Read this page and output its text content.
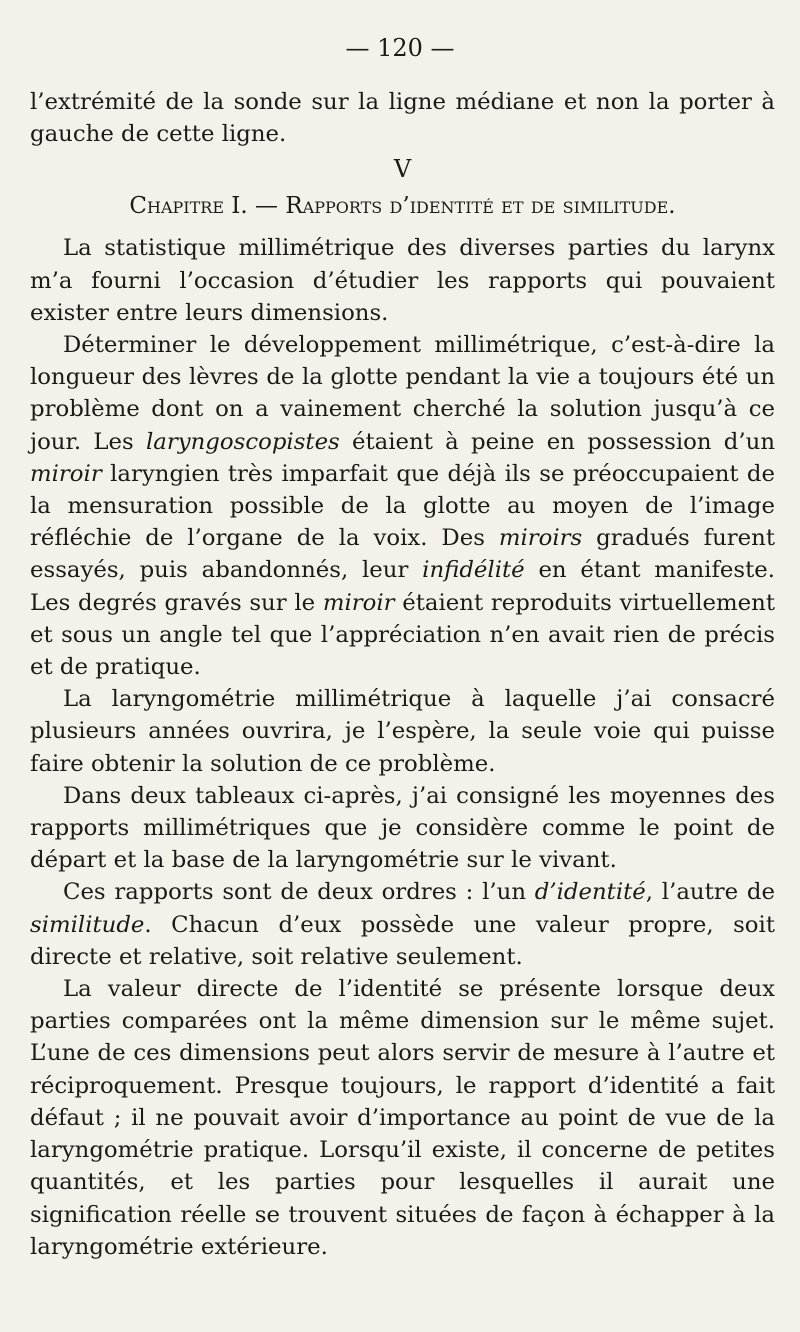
— 120 —

l’extrémité de la sonde sur la ligne médiane et non la porter à gauche de cette ligne.

V
Chapitre I. — Rapports d’identité et de similitude.

La statistique millimétrique des diverses parties du larynx m’a fourni l’occasion d’étudier les rapports qui pouvaient exister entre leurs dimensions.

Déterminer le développement millimétrique, c’est-à-dire la longueur des lèvres de la glotte pendant la vie a toujours été un problème dont on a vainement cherché la solution jusqu’à ce jour. Les laryngoscopistes étaient à peine en possession d’un miroir laryngien très imparfait que déjà ils se préoccupaient de la mensuration possible de la glotte au moyen de l’image réfléchie de l’organe de la voix. Des miroirs gradués furent essayés, puis abandonnés, leur infidélité en étant manifeste. Les degrés gravés sur le miroir étaient reproduits virtuellement et sous un angle tel que l’appréciation n’en avait rien de précis et de pratique.

La laryngométrie millimétrique à laquelle j’ai consacré plusieurs années ouvrira, je l’espère, la seule voie qui puisse faire obtenir la solution de ce problème.

Dans deux tableaux ci-après, j’ai consigné les moyennes des rapports millimétriques que je considère comme le point de départ et la base de la laryngométrie sur le vivant.

Ces rapports sont de deux ordres : l’un d’identité, l’autre de similitude. Chacun d’eux possède une valeur propre, soit directe et relative, soit relative seulement.

La valeur directe de l’identité se présente lorsque deux parties comparées ont la même dimension sur le même sujet. L’une de ces dimensions peut alors servir de mesure à l’autre et réciproquement. Presque toujours, le rapport d’identité a fait défaut ; il ne pouvait avoir d’importance au point de vue de la laryngométrie pratique. Lorsqu’il existe, il concerne de petites quantités, et les parties pour lesquelles il aurait une signification réelle se trouvent situées de façon à échapper à la laryngométrie extérieure.
